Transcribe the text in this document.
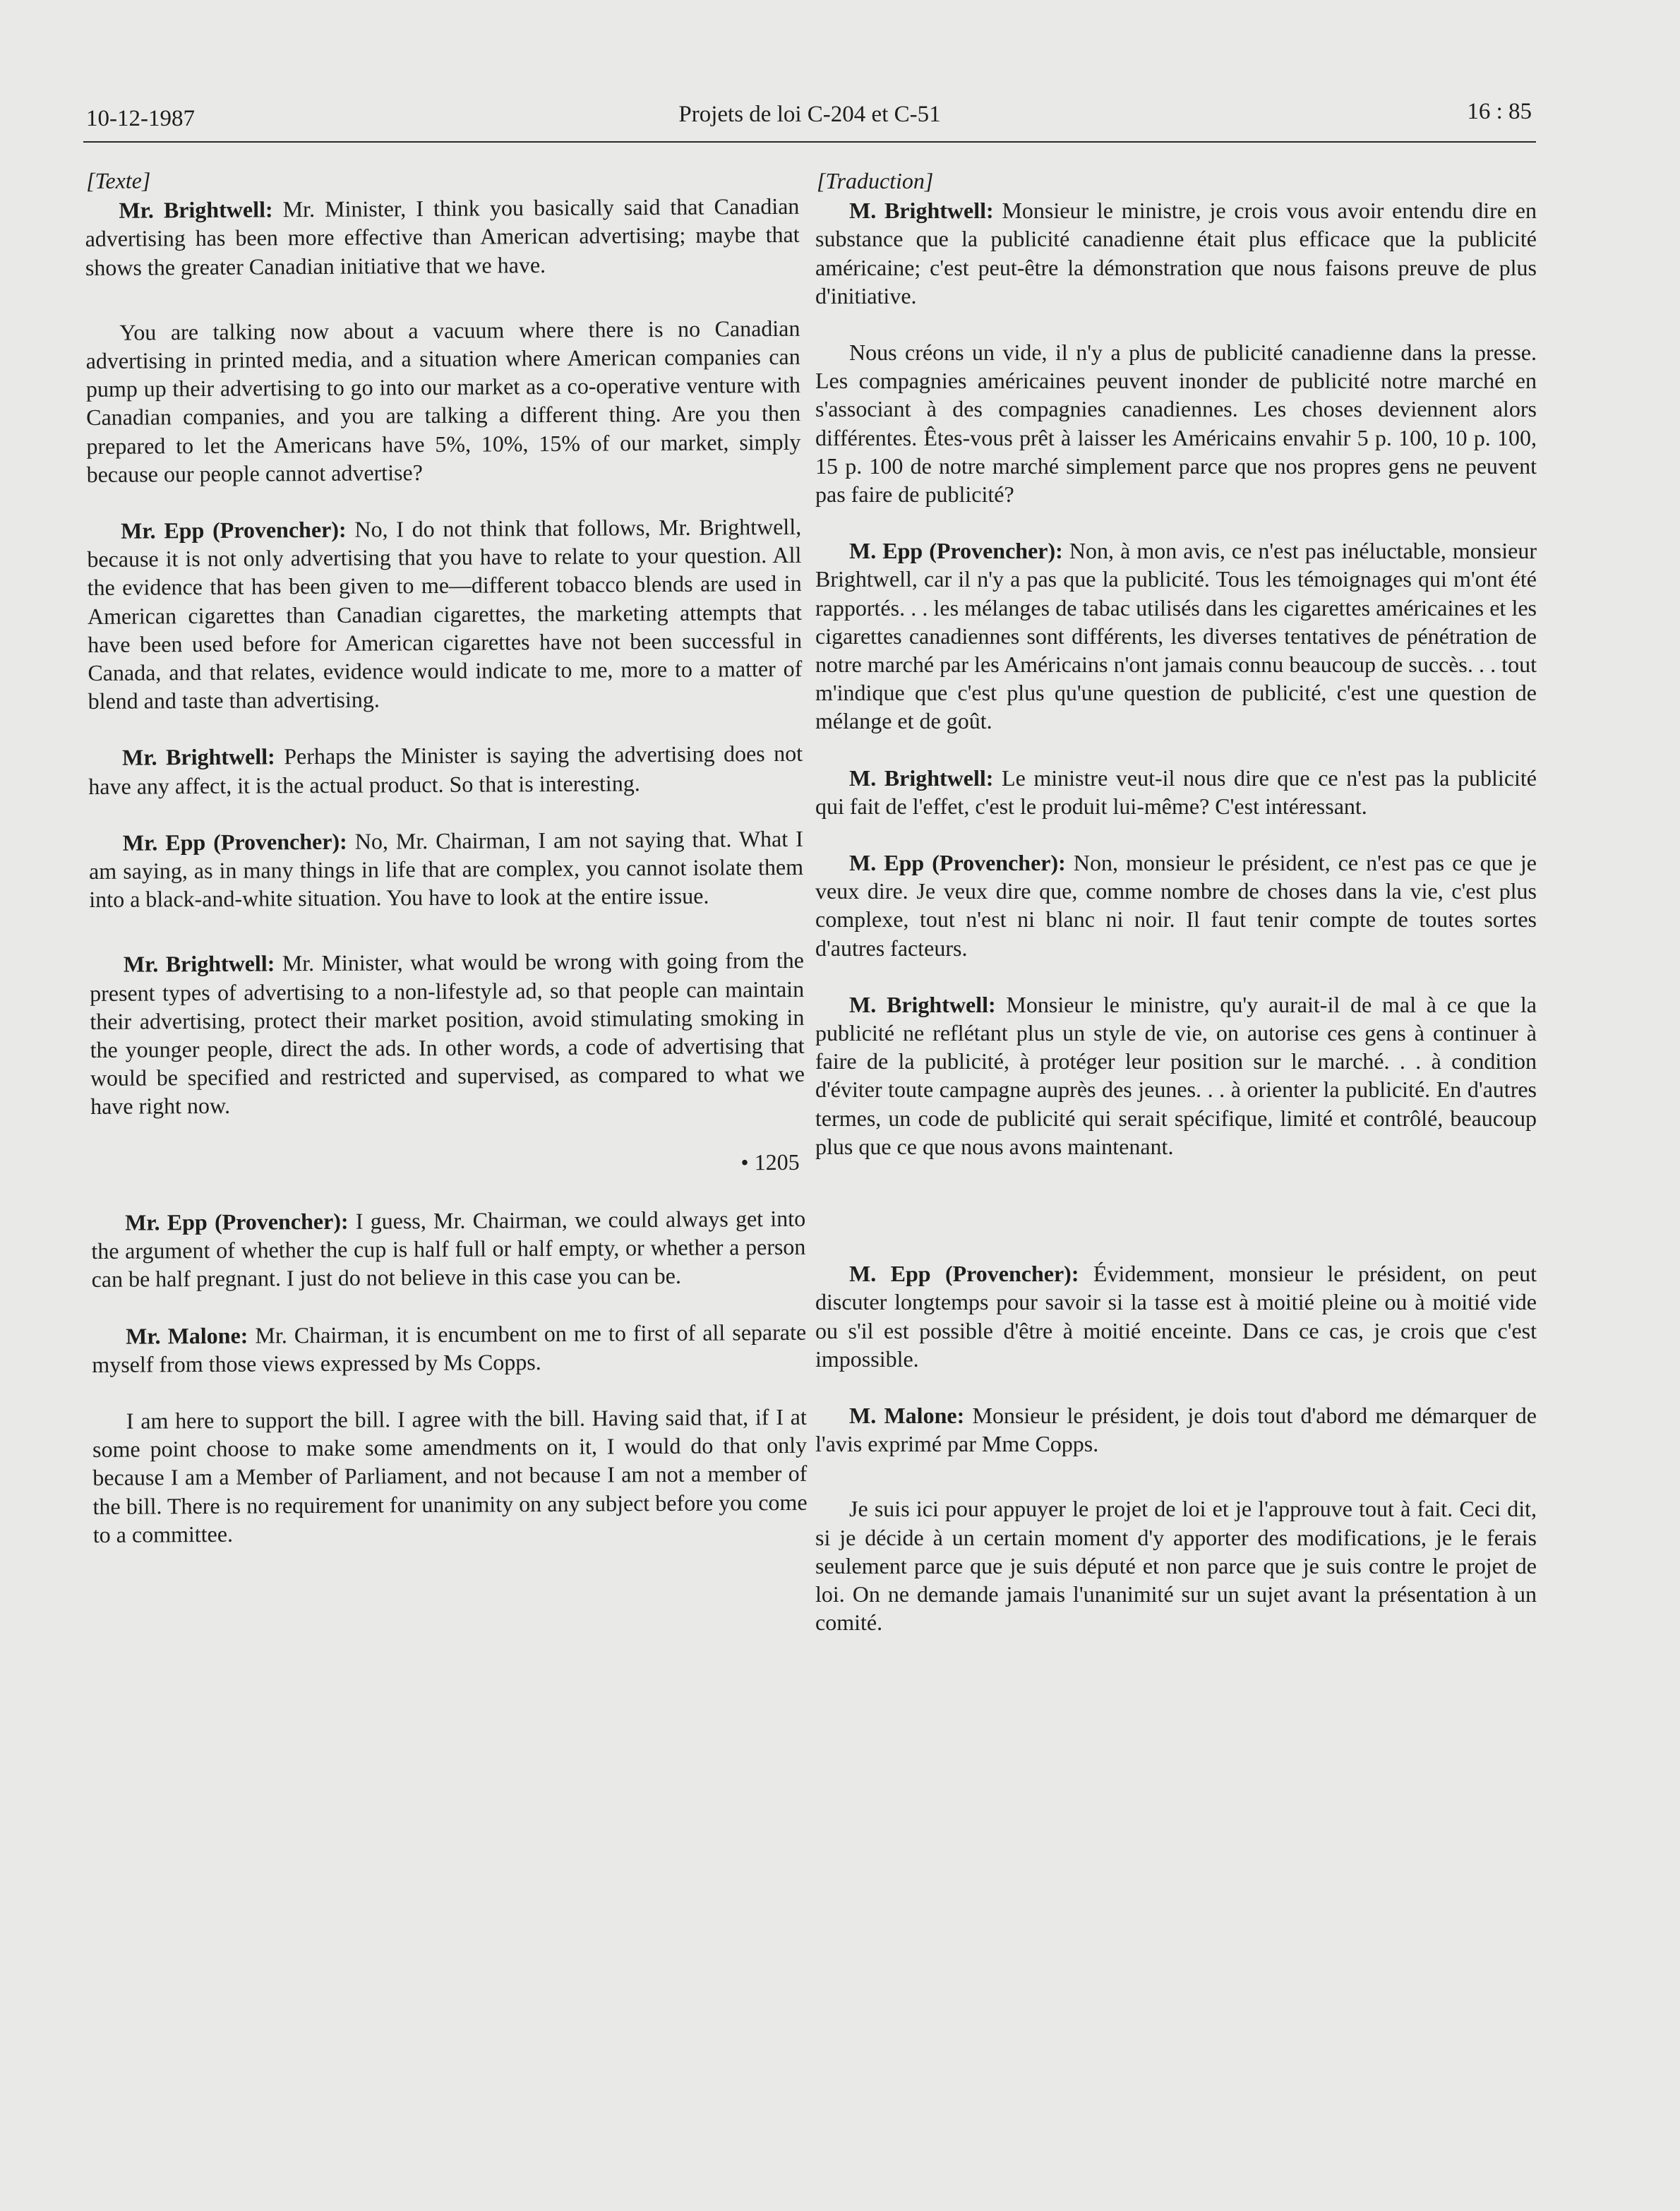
10-12-1987	Projets de loi C-204 et C-51	16 : 85
[Texte]

Mr. Brightwell: Mr. Minister, I think you basically said that Canadian advertising has been more effective than American advertising; maybe that shows the greater Canadian initiative that we have.

You are talking now about a vacuum where there is no Canadian advertising in printed media, and a situation where American companies can pump up their advertising to go into our market as a co-operative venture with Canadian companies, and you are talking a different thing. Are you then prepared to let the Americans have 5%, 10%, 15% of our market, simply because our people cannot advertise?

Mr. Epp (Provencher): No, I do not think that follows, Mr. Brightwell, because it is not only advertising that you have to relate to your question. All the evidence that has been given to me—different tobacco blends are used in American cigarettes than Canadian cigarettes, the marketing attempts that have been used before for American cigarettes have not been successful in Canada, and that relates, evidence would indicate to me, more to a matter of blend and taste than advertising.

Mr. Brightwell: Perhaps the Minister is saying the advertising does not have any affect, it is the actual product. So that is interesting.

Mr. Epp (Provencher): No, Mr. Chairman, I am not saying that. What I am saying, as in many things in life that are complex, you cannot isolate them into a black-and-white situation. You have to look at the entire issue.

Mr. Brightwell: Mr. Minister, what would be wrong with going from the present types of advertising to a non-lifestyle ad, so that people can maintain their advertising, protect their market position, avoid stimulating smoking in the younger people, direct the ads. In other words, a code of advertising that would be specified and restricted and supervised, as compared to what we have right now.

• 1205

Mr. Epp (Provencher): I guess, Mr. Chairman, we could always get into the argument of whether the cup is half full or half empty, or whether a person can be half pregnant. I just do not believe in this case you can be.

Mr. Malone: Mr. Chairman, it is encumbent on me to first of all separate myself from those views expressed by Ms Copps.

I am here to support the bill. I agree with the bill. Having said that, if I at some point choose to make some amendments on it, I would do that only because I am a Member of Parliament, and not because I am not a member of the bill. There is no requirement for unanimity on any subject before you come to a committee.

[Traduction]

M. Brightwell: Monsieur le ministre, je crois vous avoir entendu dire en substance que la publicité canadienne était plus efficace que la publicité américaine; c'est peut-être la démonstration que nous faisons preuve de plus d'initiative.

Nous créons un vide, il n'y a plus de publicité canadienne dans la presse. Les compagnies américaines peuvent inonder de publicité notre marché en s'associant à des compagnies canadiennes. Les choses deviennent alors différentes. Êtes-vous prêt à laisser les Américains envahir 5 p. 100, 10 p. 100, 15 p. 100 de notre marché simplement parce que nos propres gens ne peuvent pas faire de publicité?

M. Epp (Provencher): Non, à mon avis, ce n'est pas inéluctable, monsieur Brightwell, car il n'y a pas que la publicité. Tous les témoignages qui m'ont été rapportés. . . les mélanges de tabac utilisés dans les cigarettes américaines et les cigarettes canadiennes sont différents, les diverses tentatives de pénétration de notre marché par les Américains n'ont jamais connu beaucoup de succès. . . tout m'indique que c'est plus qu'une question de publicité, c'est une question de mélange et de goût.

M. Brightwell: Le ministre veut-il nous dire que ce n'est pas la publicité qui fait de l'effet, c'est le produit lui-même? C'est intéressant.

M. Epp (Provencher): Non, monsieur le président, ce n'est pas ce que je veux dire. Je veux dire que, comme nombre de choses dans la vie, c'est plus complexe, tout n'est ni blanc ni noir. Il faut tenir compte de toutes sortes d'autres facteurs.

M. Brightwell: Monsieur le ministre, qu'y aurait-il de mal à ce que la publicité ne reflétant plus un style de vie, on autorise ces gens à continuer à faire de la publicité, à protéger leur position sur le marché. . . à condition d'éviter toute campagne auprès des jeunes. . . à orienter la publicité. En d'autres termes, un code de publicité qui serait spécifique, limité et contrôlé, beaucoup plus que ce que nous avons maintenant.

M. Epp (Provencher): Évidemment, monsieur le président, on peut discuter longtemps pour savoir si la tasse est à moitié pleine ou à moitié vide ou s'il est possible d'être à moitié enceinte. Dans ce cas, je crois que c'est impossible.

M. Malone: Monsieur le président, je dois tout d'abord me démarquer de l'avis exprimé par Mme Copps.

Je suis ici pour appuyer le projet de loi et je l'approuve tout à fait. Ceci dit, si je décide à un certain moment d'y apporter des modifications, je le ferais seulement parce que je suis député et non parce que je suis contre le projet de loi. On ne demande jamais l'unanimité sur un sujet avant la présentation à un comité.
